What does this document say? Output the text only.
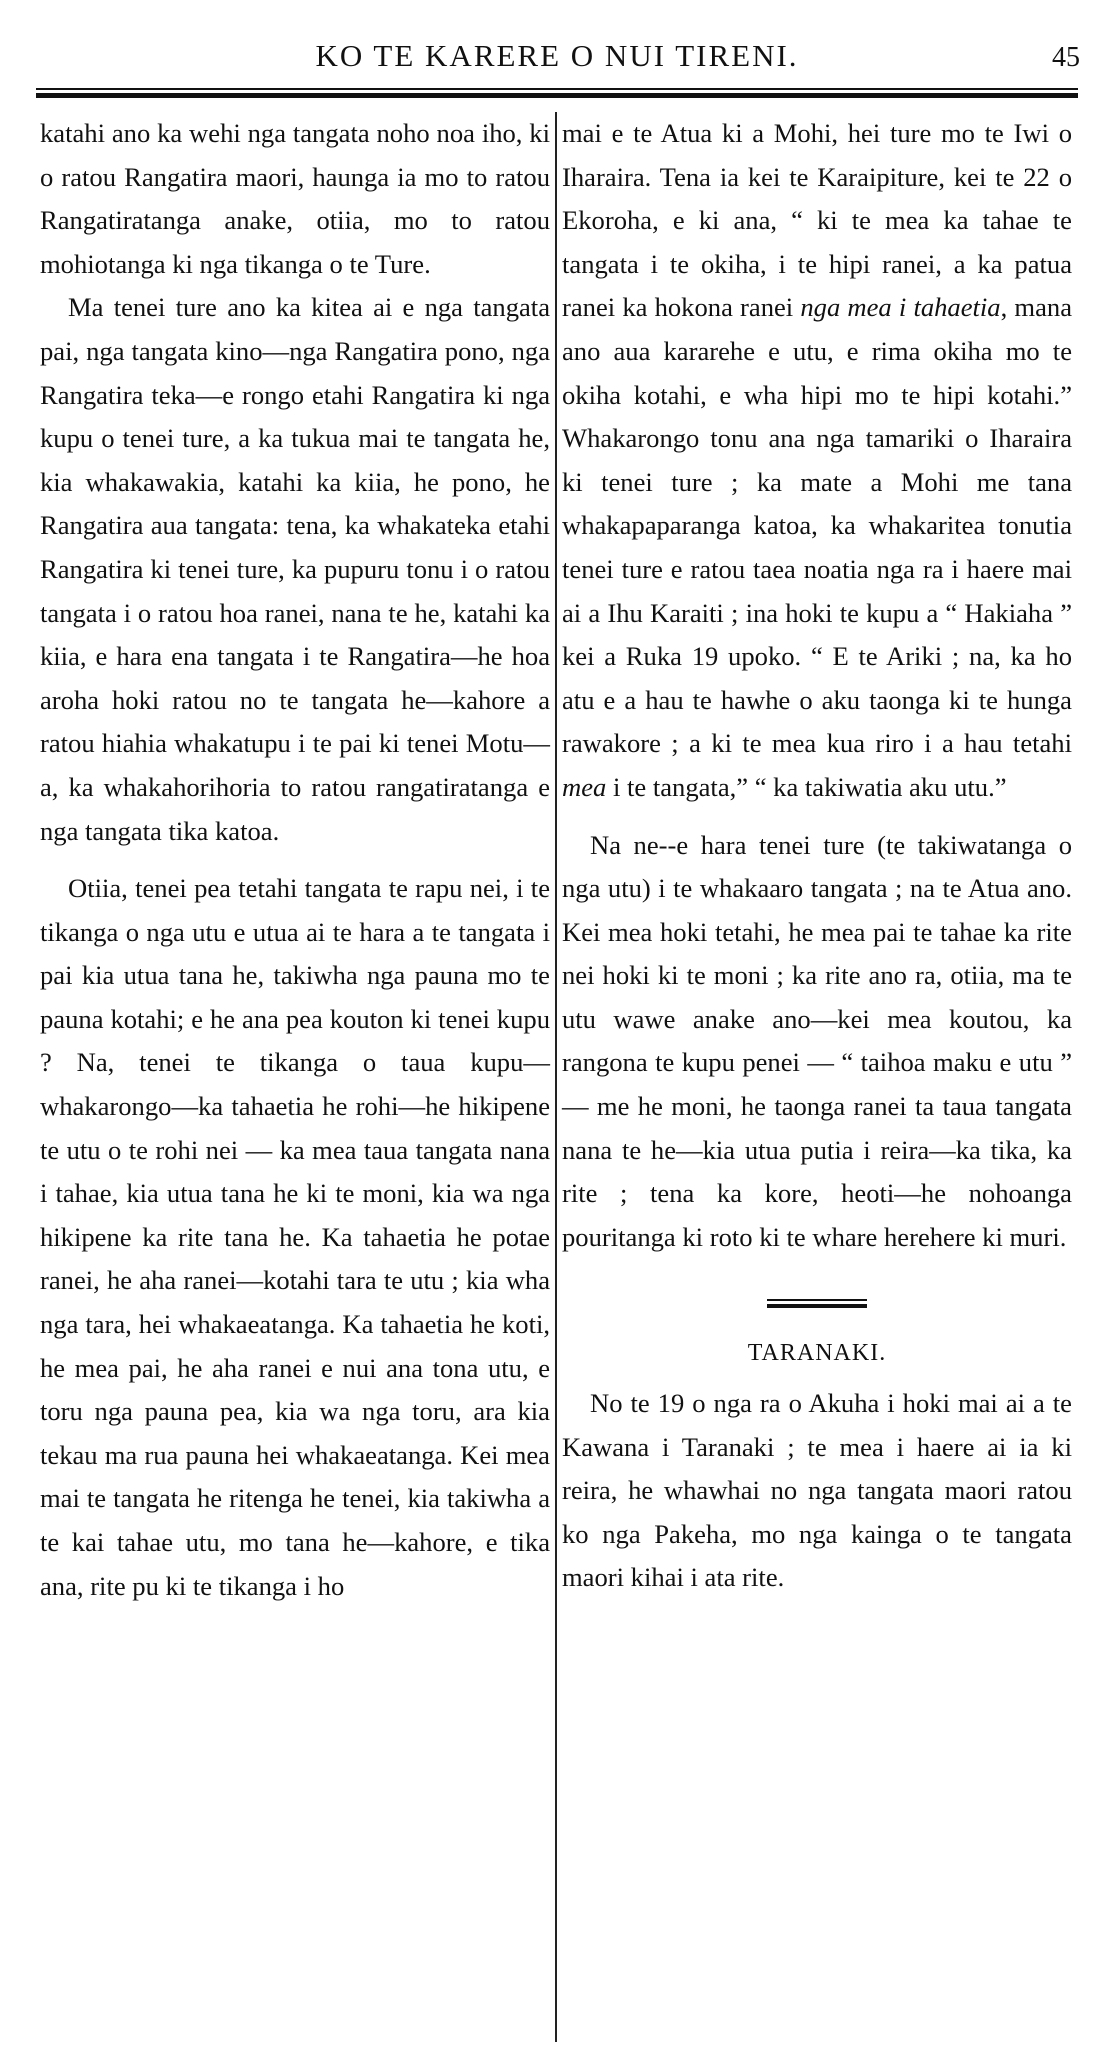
KO TE KARERE O NUI TIRENI.	45

katahi ano ka wehi nga tangata noho noa iho, ki o ratou Rangatira maori, haunga ia mo to ratou Rangatiratanga anake, otiia, mo to ratou mohiotanga ki nga tikanga o te Ture.

Ma tenei ture ano ka kitea ai e nga tangata pai, nga tangata kino—nga Rangatira pono, nga Rangatira teka—e rongo etahi Rangatira ki nga kupu o tenei ture, a ka tukua mai te tangata he, kia whakawakia, katahi ka kiia, he pono, he Rangatira aua tangata: tena, ka whakateka etahi Rangatira ki tenei ture, ka pupuru tonu i o ratou tangata i o ratou hoa ranei, nana te he, katahi ka kiia, e hara ena tangata i te Rangatira—he hoa aroha hoki ratou no te tangata he—kahore a ratou hiahia whakatupu i te pai ki tenei Motu—a, ka whakahorihoria to ratou rangatiratanga e nga tangata tika katoa.

Otiia, tenei pea tetahi tangata te rapu nei, i te tikanga o nga utu e utua ai te hara a te tangata i pai kia utua tana he, takiwha nga pauna mo te pauna kotahi; e he ana pea kouton ki tenei kupu ? Na, tenei te tikanga o taua kupu—whakarongo—ka tahaetia he rohi—he hikipene te utu o te rohi nei — ka mea taua tangata nana i tahae, kia utua tana he ki te moni, kia wa nga hikipene ka rite tana he. Ka tahaetia he potae ranei, he aha ranei—kotahi tara te utu ; kia wha nga tara, hei whakaeatanga. Ka tahaetia he koti, he mea pai, he aha ranei e nui ana tona utu, e toru nga pauna pea, kia wa nga toru, ara kia tekau ma rua pauna hei whakaeatanga. Kei mea mai te tangata he ritenga he tenei, kia takiwha a te kai tahae utu, mo tana he—kahore, e tika ana, rite pu ki te tikanga i ho

mai e te Atua ki a Mohi, hei ture mo te Iwi o Iharaira. Tena ia kei te Karaipiture, kei te 22 o Ekoroha, e ki ana, “ ki te mea ka tahae te tangata i te okiha, i te hipi ranei, a ka patua ranei ka hokona ranei nga mea i tahaetia, mana ano aua kararehe e utu, e rima okiha mo te okiha kotahi, e wha hipi mo te hipi kotahi.” Whakarongo tonu ana nga tamariki o Iharaira ki tenei ture ; ka mate a Mohi me tana whakapaparanga katoa, ka whakaritea tonutia tenei ture e ratou taea noatia nga ra i haere mai ai a Ihu Karaiti ; ina hoki te kupu a “ Hakiaha ” kei a Ruka 19 upoko. “ E te Ariki ; na, ka ho atu e a hau te hawhe o aku taonga ki te hunga rawakore ; a ki te mea kua riro i a hau tetahi mea i te tangata,” “ ka takiwatia aku utu.”

Na ne--e hara tenei ture (te takiwatanga o nga utu) i te whakaaro tangata ; na te Atua ano. Kei mea hoki tetahi, he mea pai te tahae ka rite nei hoki ki te moni ; ka rite ano ra, otiia, ma te utu wawe anake ano—kei mea koutou, ka rangona te kupu penei — “ taihoa maku e utu ” — me he moni, he taonga ranei ta taua tangata nana te he—kia utua putia i reira—ka tika, ka rite ; tena ka kore, heoti—he nohoanga pouritanga ki roto ki te whare herehere ki muri.

TARANAKI.

No te 19 o nga ra o Akuha i hoki mai ai a te Kawana i Taranaki ; te mea i haere ai ia ki reira, he whawhai no nga tangata maori ratou ko nga Pakeha, mo nga kainga o te tangata maori kihai i ata rite.
